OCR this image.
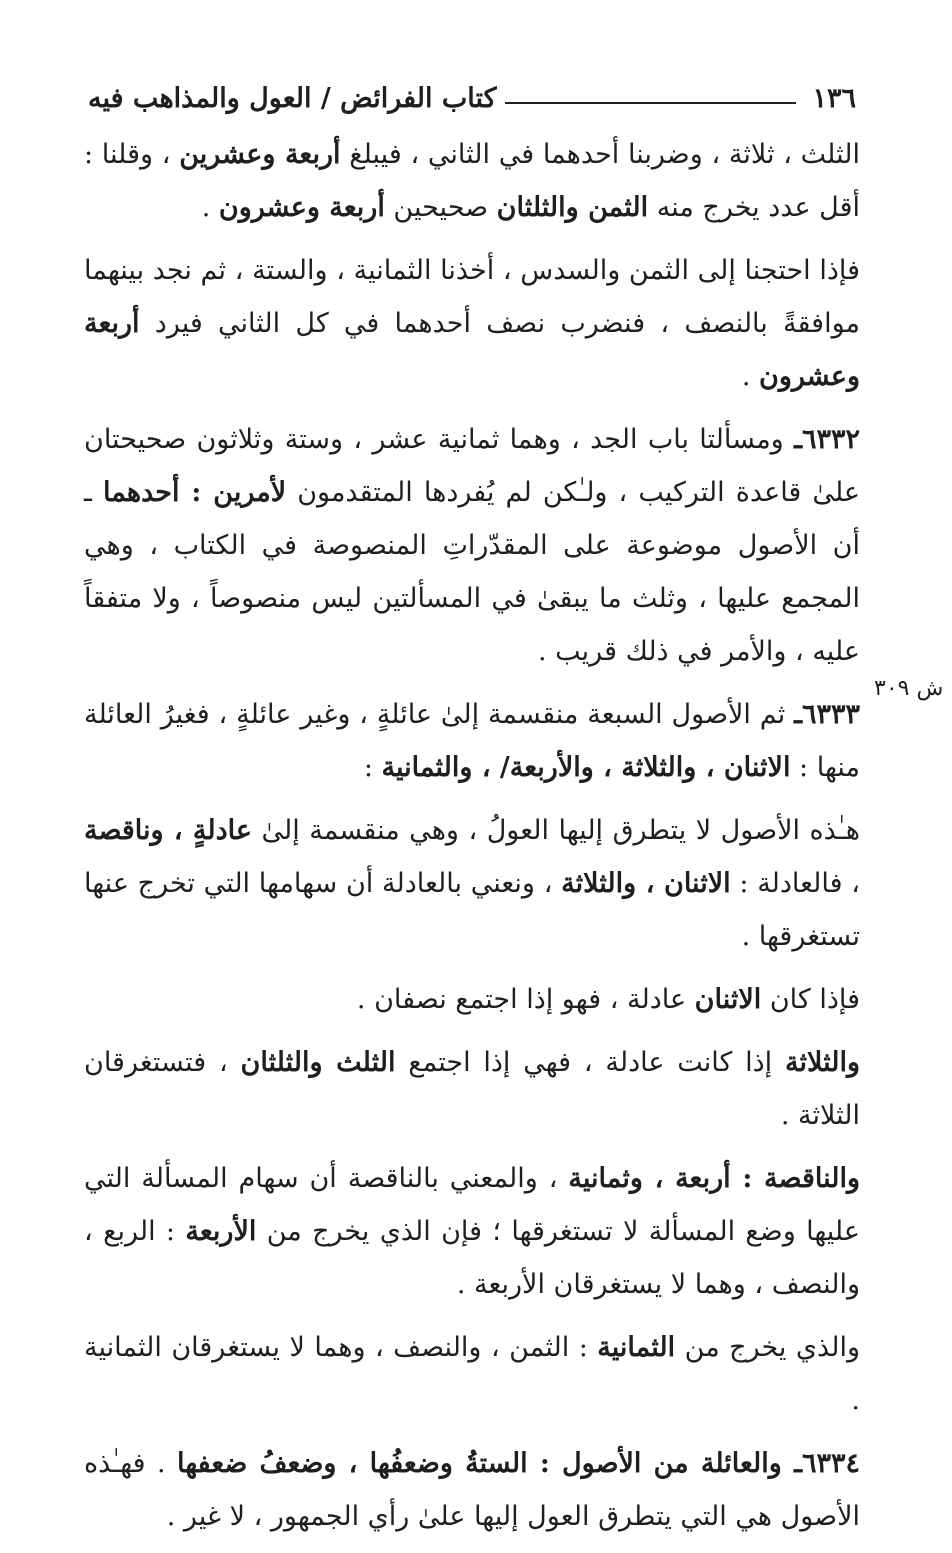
١٣٦
كتاب الفرائض / العول والمذاهب فيه
ش ٣٠٩

الثلث ، ثلاثة ، وضربنا أحدهما في الثاني ، فيبلغ أربعة وعشرين ، وقلنا : أقل عدد يخرج منه الثمن والثلثان صحيحين أربعة وعشرون .

فإذا احتجنا إلى الثمن والسدس ، أخذنا الثمانية ، والستة ، ثم نجد بينهما موافقةً بالنصف ، فنضرب نصف أحدهما في كل الثاني فيرد أربعة وعشرون .

٦٣٣٢ـ ومسألتا باب الجد ، وهما ثمانية عشر ، وستة وثلاثون صحيحتان علىٰ قاعدة التركيب ، ولـٰكن لم يُفردها المتقدمون لأمرين : أحدهما ـ أن الأصول موضوعة على المقدّراتِ المنصوصة في الكتاب ، وهي المجمع عليها ، وثلث ما يبقىٰ في المسألتين ليس منصوصاً ، ولا متفقاً عليه ، والأمر في ذلك قريب .

٦٣٣٣ـ ثم الأصول السبعة منقسمة إلىٰ عائلةٍ ، وغير عائلةٍ ، فغيرُ العائلة منها : الاثنان ، والثلاثة ، والأربعة/ ، والثمانية :

هـٰذه الأصول لا يتطرق إليها العولُ ، وهي منقسمة إلىٰ عادلةٍ ، وناقصة ، فالعادلة : الاثنان ، والثلاثة ، ونعني بالعادلة أن سهامها التي تخرج عنها تستغرقها .

فإذا كان الاثنان عادلة ، فهو إذا اجتمع نصفان .

والثلاثة إذا كانت عادلة ، فهي إذا اجتمع الثلث والثلثان ، فتستغرقان الثلاثة .

والناقصة : أربعة ، وثمانية ، والمعني بالناقصة أن سهام المسألة التي عليها وضع المسألة لا تستغرقها ؛ فإن الذي يخرج من الأربعة : الربع ، والنصف ، وهما لا يستغرقان الأربعة .

والذي يخرج من الثمانية : الثمن ، والنصف ، وهما لا يستغرقان الثمانية .

٦٣٣٤ـ والعائلة من الأصول : الستةُ وضعفُها ، وضعفُ ضعفها . فهـٰذه الأصول هي التي يتطرق العول إليها علىٰ رأي الجمهور ، لا غير .
